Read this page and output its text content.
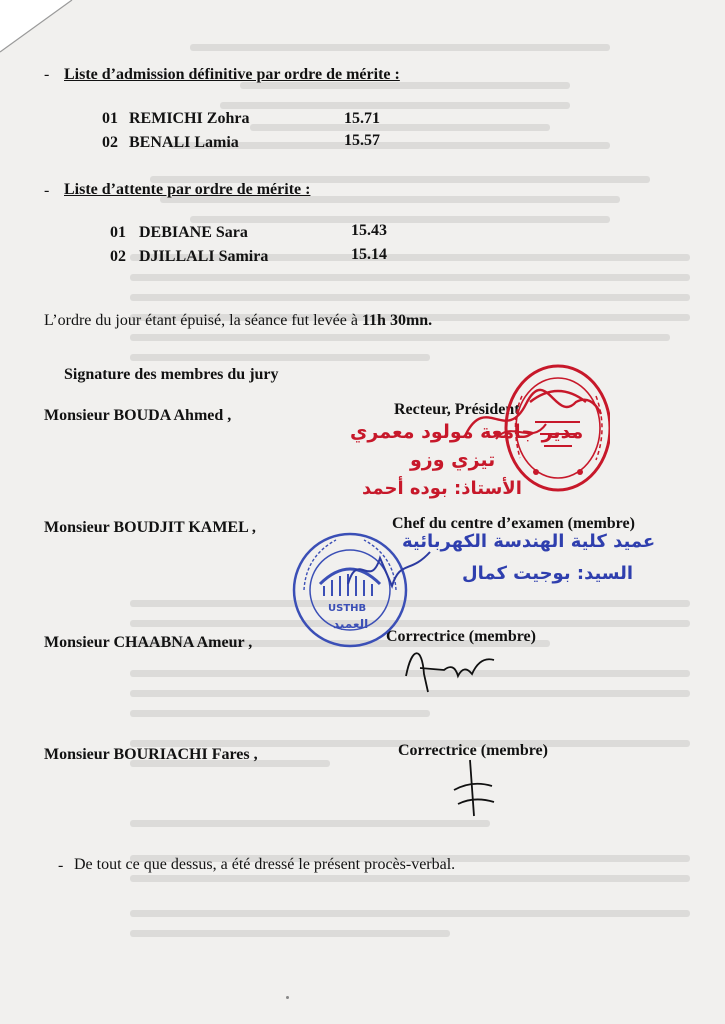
- Liste d’admission définitive par ordre de mérite :
01 REMICHI Zohra	15.71
02 BENALI Lamia	15.57
- Liste d’attente par ordre de mérite :
01 DEBIANE Sara	15.43
02 DJILLALI Samira	15.14
L’ordre du jour étant épuisé, la séance fut levée à 11h 30mn.
Signature des membres du jury
Monsieur BOUDA Ahmed ,	Recteur, Président
Monsieur BOUDJIT KAMEL ,	Chef du centre d’examen (membre)
Monsieur CHAABNA Ameur ,	Correctrice (membre)
Monsieur BOURIACHI Fares ,	Correctrice (membre)
- De tout ce que dessus, a été dressé le présent procès-verbal.
مدير جامعة مولود معمري
تيزي وزو
الأستاذ: بوده أحمد
عميد كلية الهندسة الكهربائية
السيد: بوجيت كمال
USTHB
العميد
